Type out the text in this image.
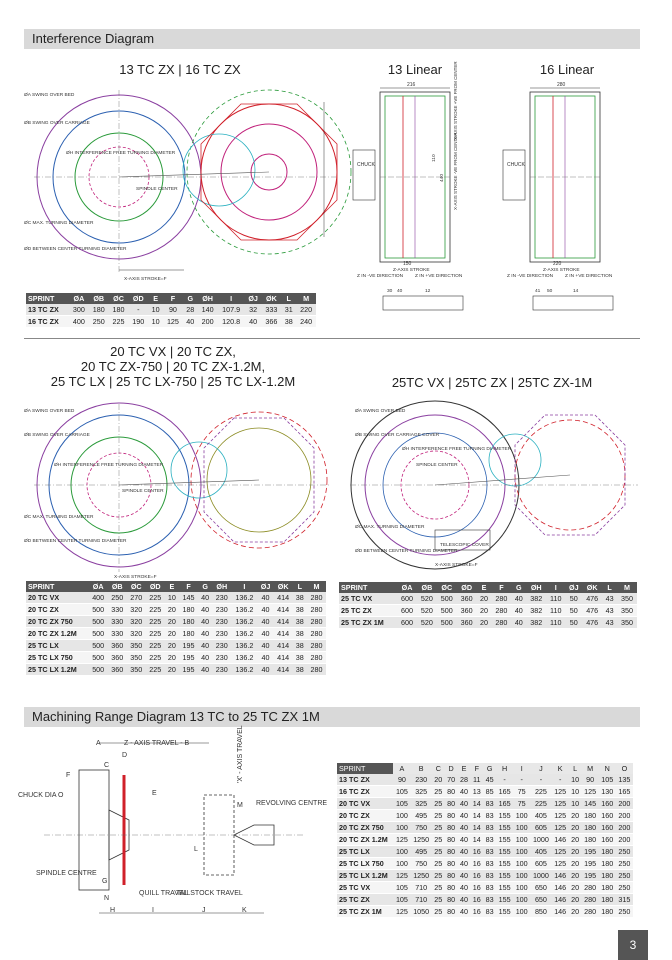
Interference Diagram
13 TC ZX | 16 TC ZX
ØA SWING OVER BED
ØB SWING OVER CARRIAGE
ØH INTERFERENCE FREE TURNING DIAMETER
SPINDLE CENTER
ØC MAX. TURNING DIAMETER
ØD BETWEEN CENTER TURNING DIAMETER
X-AXIS STROKE=F
SPRINT	ØA	ØB	ØC	ØD	E	F	G	ØH	I	ØJ	ØK	L	M
13 TC ZX	300	180	180	-	10	90	28	140	107.9	32	333	31	220
16 TC ZX	400	250	225	190	10	125	40	200	120.8	40	366	38	240
13 Linear
216
CHUCK
150
Z-AXIS STROKE
Z IN -VE DIRECTION Z IN +VE DIRECTION
30 40	12
X-AXIS STROKE +VE FROM CENTER
X-AXIS STROKE -VE FROM CENTER
110
440
16 Linear
280
CHUCK
220
Z-AXIS STROKE
Z IN -VE DIRECTION Z IN +VE DIRECTION
41 50	14
20 TC VX | 20 TC ZX,
20 TC ZX-750 | 20 TC ZX-1.2M,
25 TC LX | 25 TC LX-750 | 25 TC LX-1.2M
ØA SWING OVER BED
ØB SWING OVER CARRIAGE
ØH INTERFERENCE FREE TURNING DIAMETER
SPINDLE CENTER
ØC MAX. TURNING DIAMETER
ØD BETWEEN CENTER TURNING DIAMETER
X-AXIS STROKE=F
SPRINT	ØA	ØB	ØC	ØD	E	F	G	ØH	I	ØJ	ØK	L	M
20 TC VX	400	250	270	225	10	145	40	230	136.2	40	414	38	280
20 TC ZX	500	330	320	225	20	180	40	230	136.2	40	414	38	280
20 TC ZX 750	500	330	320	225	20	180	40	230	136.2	40	414	38	280
20 TC ZX 1.2M	500	330	320	225	20	180	40	230	136.2	40	414	38	280
25 TC LX	500	360	350	225	20	195	40	230	136.2	40	414	38	280
25 TC LX 750	500	360	350	225	20	195	40	230	136.2	40	414	38	280
25 TC LX 1.2M	500	360	350	225	20	195	40	230	136.2	40	414	38	280
25TC VX | 25TC ZX | 25TC ZX-1M
ØA SWING OVER BED
ØB SWING OVER CARRIAGE COVER
ØH INTERFERENCE FREE TURNING DIAMETER
SPINDLE CENTER
ØC MAX. TURNING DIAMETER
ØD BETWEEN CENTER TURNING DIAMETER
TELESCOPIC COVER
X-AXIS STROKE=F
SPRINT	ØA	ØB	ØC	ØD	E	F	G	ØH	I	ØJ	ØK	L	M
25 TC VX	600	520	500	360	20	280	40	382	110	50	476	43	350
25 TC ZX	600	520	500	360	20	280	40	382	110	50	476	43	350
25 TC ZX 1M	600	520	500	360	20	280	40	382	110	50	476	43	350
Machining Range Diagram 13 TC to 25 TC ZX 1M
A	Z - AXIS TRAVEL - B
C
D
E
F	'X' - AXIS TRAVEL
M
CHUCK DIA O
REVOLVING CENTRE
SPINDLE CENTRE
G
N
QUILL TRAVEL
TAILSTOCK TRAVEL
H	I	J	K
L
SPRINT	A	B	C	D	E	F	G	H	I	J	K	L	M	N	O
13 TC ZX	90	230	20	70	28	11	45	-	-	-	-	10	90	105	135
16 TC ZX	105	325	25	80	40	13	85	165	75	225	125	10	125	130	165
20 TC VX	105	325	25	80	40	14	83	165	75	225	125	10	145	160	200
20 TC ZX	100	495	25	80	40	14	83	155	100	405	125	20	180	160	200
20 TC ZX 750	100	750	25	80	40	14	83	155	100	605	125	20	180	160	200
20 TC ZX 1.2M	125	1250	25	80	40	14	83	155	100	1000	146	20	180	160	200
25 TC LX	100	495	25	80	40	16	83	155	100	405	125	20	195	180	250
25 TC LX 750	100	750	25	80	40	16	83	155	100	605	125	20	195	180	250
25 TC LX 1.2M	125	1250	25	80	40	16	83	155	100	1000	146	20	195	180	250
25 TC VX	105	710	25	80	40	16	83	155	100	650	146	20	280	180	250
25 TC ZX	105	710	25	80	40	16	83	155	100	650	146	20	280	180	315
25 TC ZX 1M	125	1050	25	80	40	16	83	155	100	850	146	20	280	180	250
3
